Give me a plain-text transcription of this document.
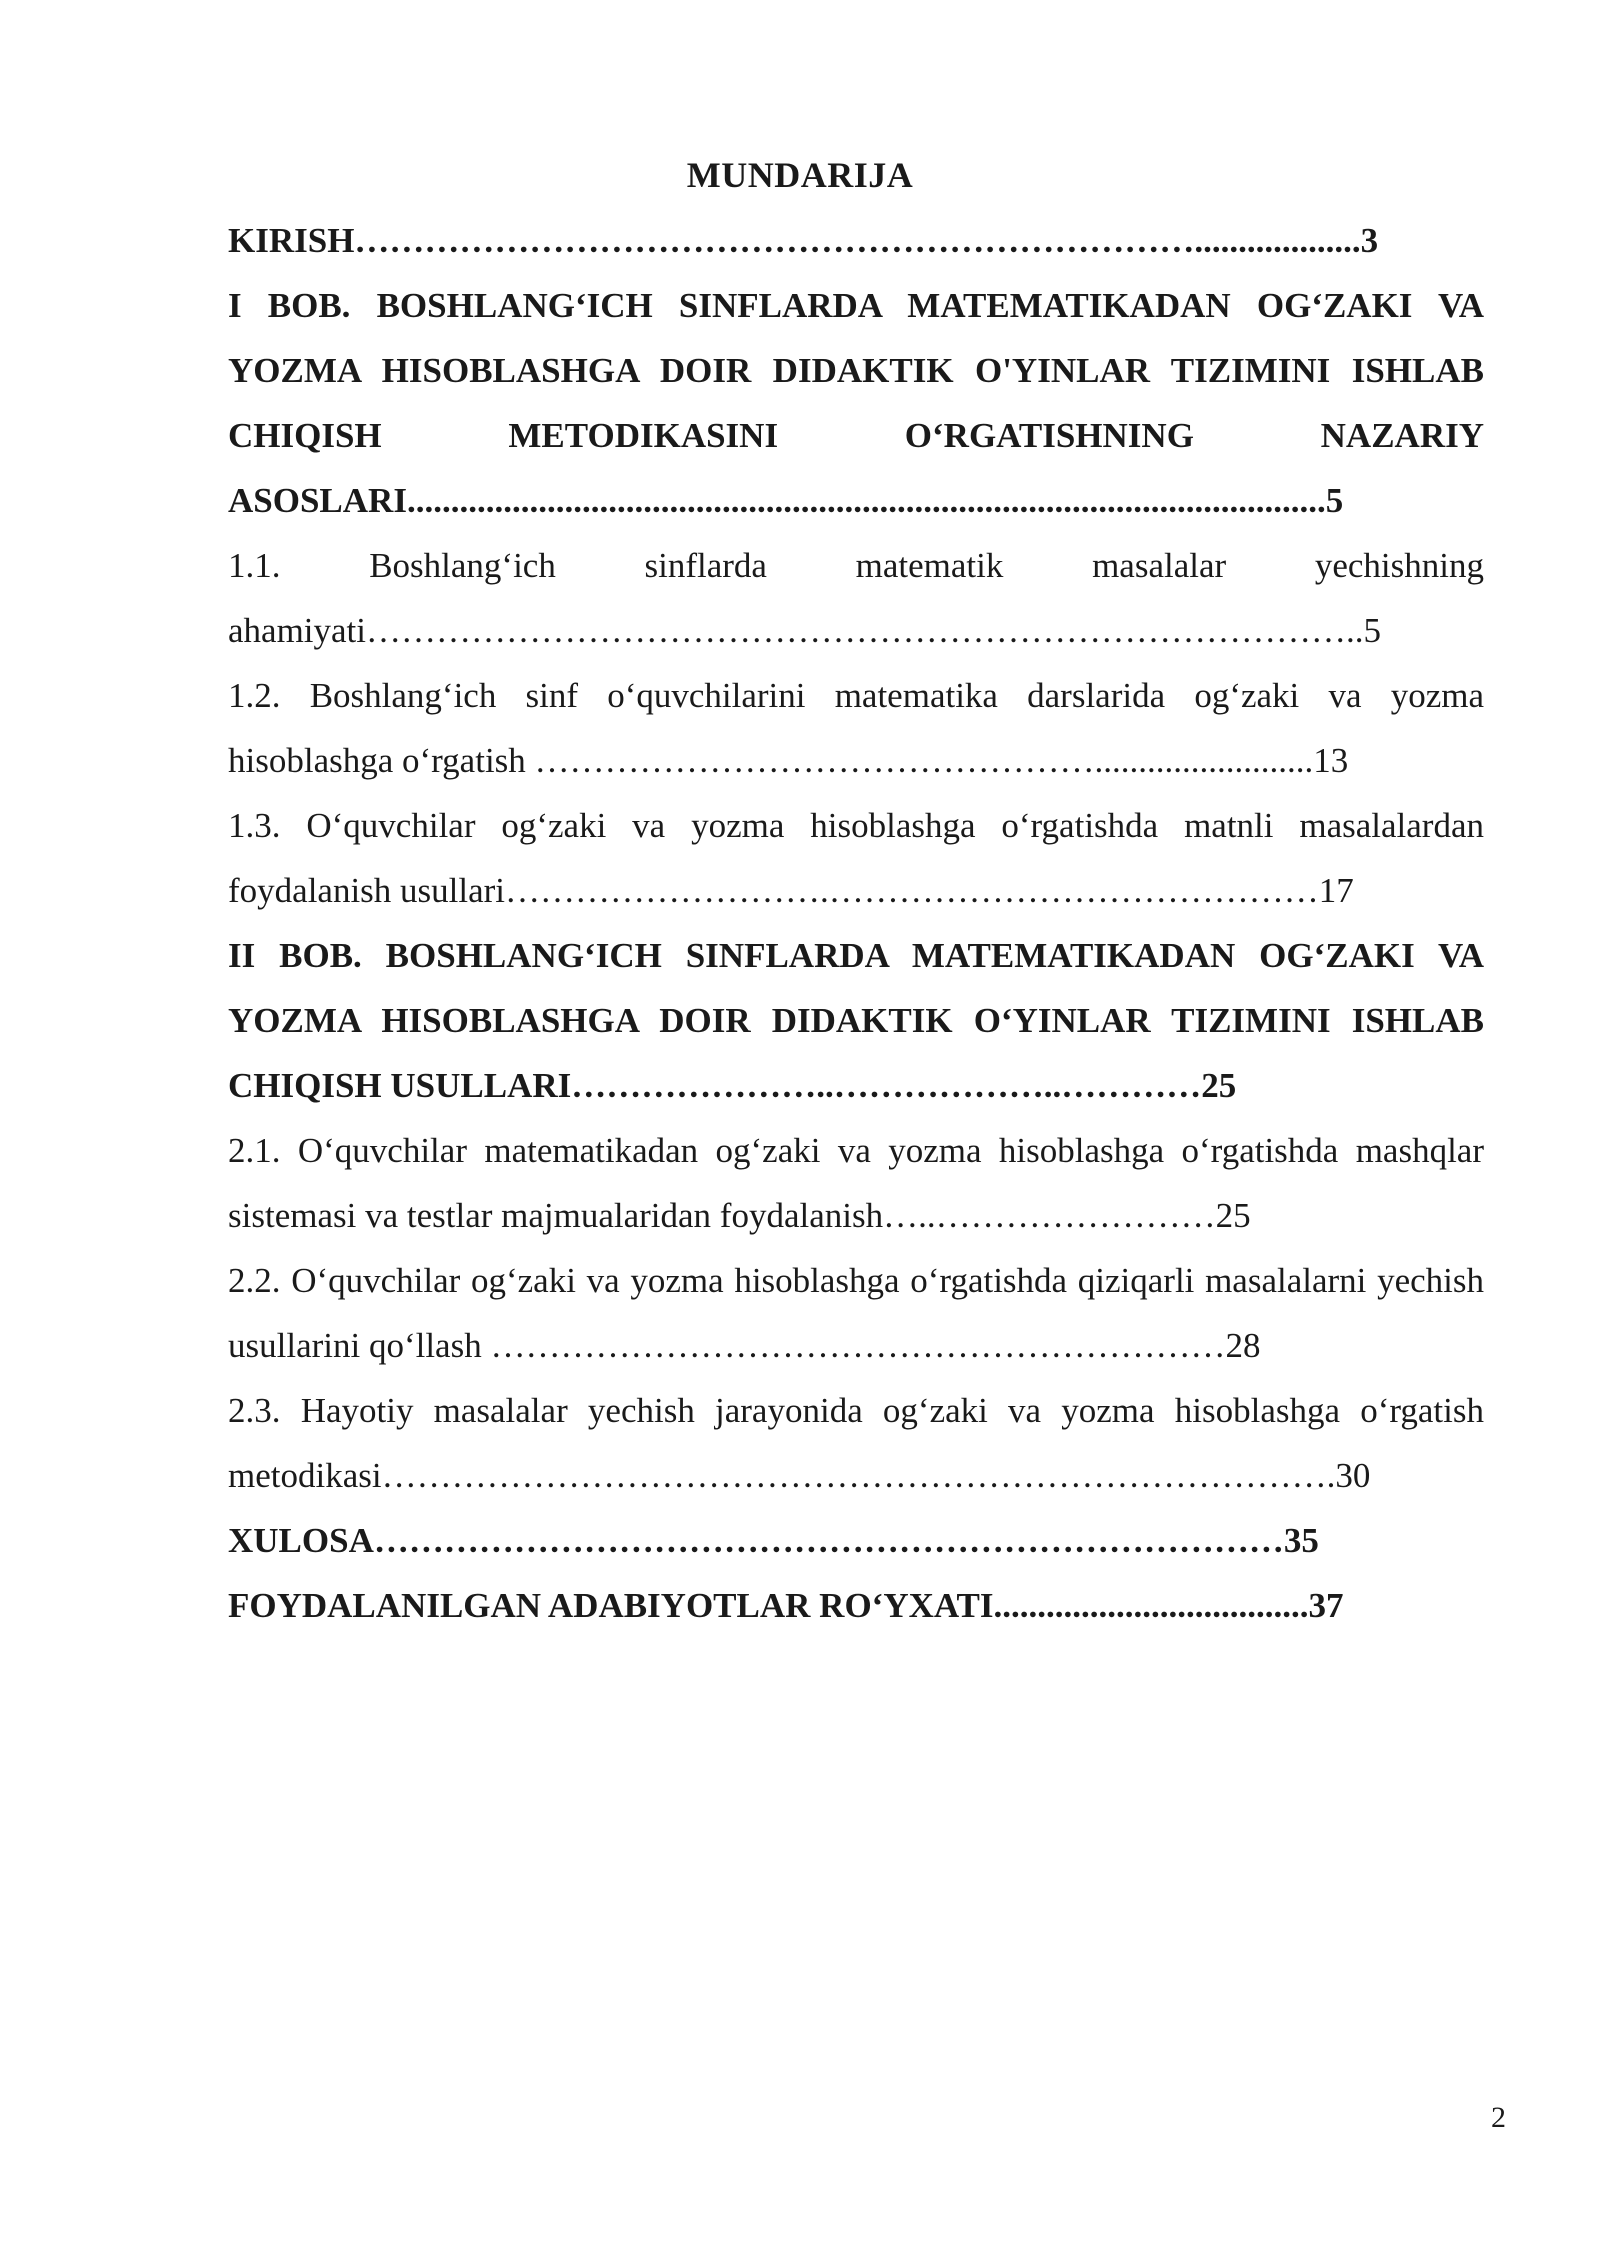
MUNDARIJA

KIRISH………………………………………………………………...................3

I BOB. BOSHLANG‘ICH SINFLARDA MATEMATIKADAN OG‘ZAKI VA YOZMA HISOBLASHGA DOIR DIDAKTIK O'YINLAR TIZIMINI ISHLAB CHIQISH METODIKASINI O‘RGATISHNING NAZARIY ASOSLARI.........................................................................................................5

1.1. Boshlang‘ich sinflarda matematik masalalar yechishning ahamiyati…………………………………………………………………………..5

1.2. Boshlang‘ich sinf o‘quvchilarini matematika darslarida og‘zaki va yozma hisoblashga o‘rgatish ………………………………………….........................13

1.3. O‘quvchilar og‘zaki va yozma hisoblashga o‘rgatishda matnli masalalardan foydalanish usullari……………………….……………………………………17

II BOB. BOSHLANG‘ICH SINFLARDA MATEMATIKADAN OG‘ZAKI VA YOZMA HISOBLASHGA DOIR DIDAKTIK O‘YINLAR TIZIMINI ISHLAB CHIQISH USULLARI…………………..………………..…………25

2.1. O‘quvchilar matematikadan og‘zaki va yozma hisoblashga o‘rgatishda mashqlar sistemasi va testlar majmualaridan foydalanish…..……………………25

2.2. O‘quvchilar og‘zaki va yozma hisoblashga o‘rgatishda qiziqarli masalalarni yechish usullarini qo‘llash ………………………………………………………28

2.3. Hayotiy masalalar yechish jarayonida og‘zaki va yozma hisoblashga o‘rgatish metodikasi……………………………………………………………………….30

XULOSA……………………………………………………………………35

FOYDALANILGAN ADABIYOTLAR RO‘YXATI....................................37

2
